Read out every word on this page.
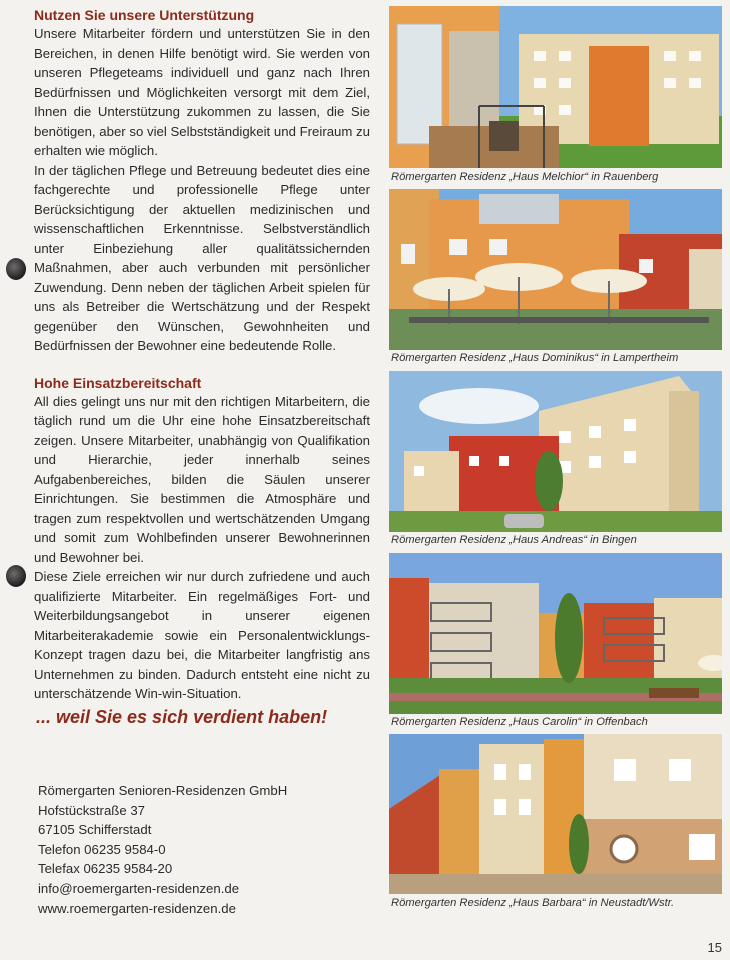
Nutzen Sie unsere Unterstützung

Unsere Mitarbeiter fördern und unterstützen Sie in den Bereichen, in denen Hilfe benötigt wird. Sie werden von unseren Pflegeteams individuell und ganz nach Ihren Bedürfnissen und Möglichkeiten versorgt mit dem Ziel, Ihnen die Unterstützung zukommen zu lassen, die Sie benötigen, aber so viel Selbstständigkeit und Freiraum zu erhalten wie möglich.

In der täglichen Pflege und Betreuung bedeutet dies eine fachgerechte und professionelle Pflege unter Berücksichtigung der aktuellen medizinischen und wissenschaftlichen Erkenntnisse. Selbstverständlich unter Einbeziehung aller qualitätssichernden Maßnahmen, aber auch verbunden mit persönlicher Zuwendung. Denn neben der täglichen Arbeit spielen für uns als Betreiber die Wertschätzung und der Respekt gegenüber den Wünschen, Gewohnheiten und Bedürfnissen der Bewohner eine bedeutende Rolle.

Hohe Einsatzbereitschaft

All dies gelingt uns nur mit den richtigen Mitarbeitern, die täglich rund um die Uhr eine hohe Einsatzbereitschaft zeigen. Unsere Mitarbeiter, unabhängig von Qualifikation und Hierarchie, jeder innerhalb seines Aufgabenbereiches, bilden die Säulen unserer Einrichtungen. Sie bestimmen die Atmosphäre und tragen zum respektvollen und wertschätzenden Umgang und somit zum Wohlbefinden unserer Bewohnerinnen und Bewohner bei.

Diese Ziele erreichen wir nur durch zufriedene und auch qualifizierte Mitarbeiter. Ein regelmäßiges Fort- und Weiterbildungsangebot in unserer eigenen Mitarbeiterakademie sowie ein Personalentwicklungs-Konzept tragen dazu bei, die Mitarbeiter langfristig ans Unternehmen zu binden. Dadurch entsteht eine nicht zu unterschätzende Win-win-Situation.

... weil Sie es sich verdient haben!
Römergarten Senioren-Residenzen GmbH
Hofstückstraße 37
67105 Schifferstadt
Telefon 06235 9584-0
Telefax 06235 9584-20
info@roemergarten-residenzen.de
www.roemergarten-residenzen.de
Römergarten Residenz „Haus Melchior“ in Rauenberg
Römergarten Residenz „Haus Dominikus“ in Lampertheim
Römergarten Residenz „Haus Andreas“ in Bingen
Römergarten Residenz „Haus Carolin“ in Offenbach
Römergarten Residenz „Haus Barbara“ in Neustadt/Wstr.
15
